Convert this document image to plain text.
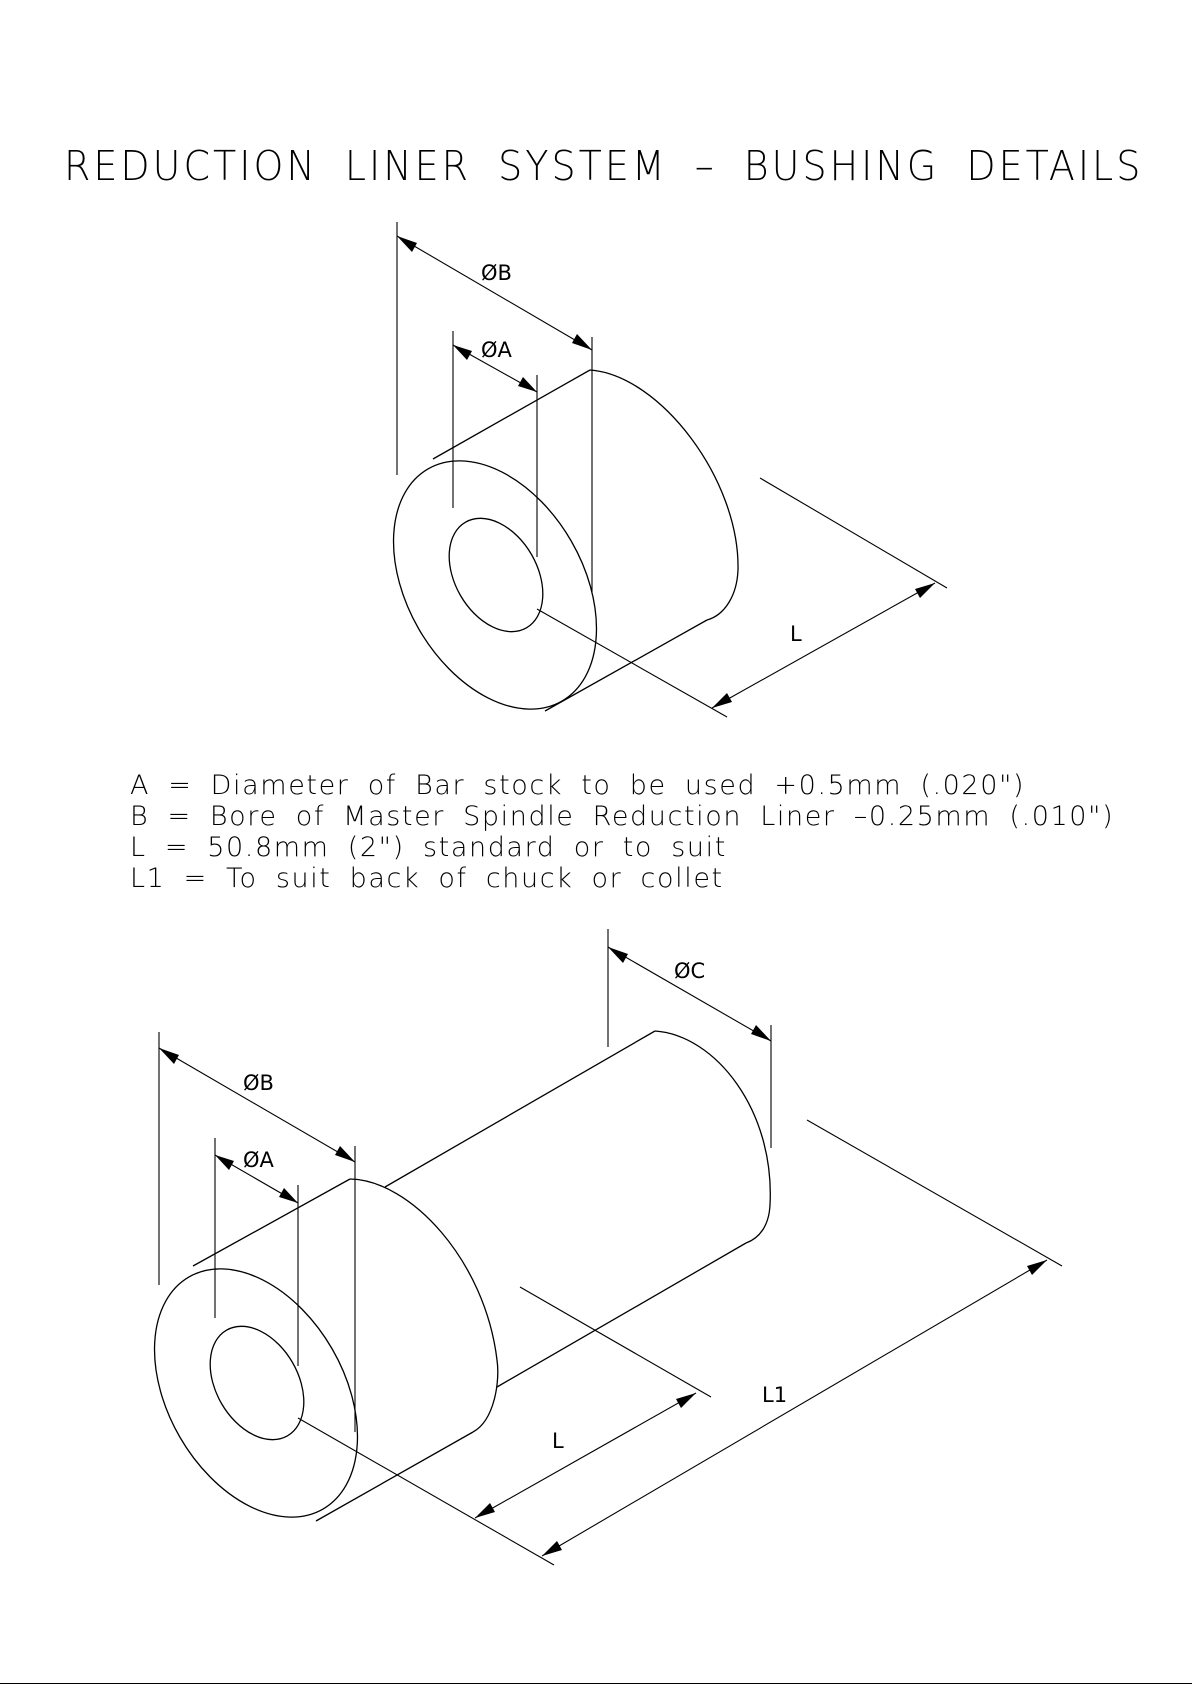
REDUCTION LINER SYSTEM – BUSHING DETAILS
ØB
ØA
L
ØC
ØB
ØA
L
L1
A = Diameter of Bar stock to be used +0.5mm (.020")
B = Bore of Master Spindle Reduction Liner –0.25mm (.010")
L = 50.8mm (2") standard or to suit
L1 = To suit back of chuck or collet
